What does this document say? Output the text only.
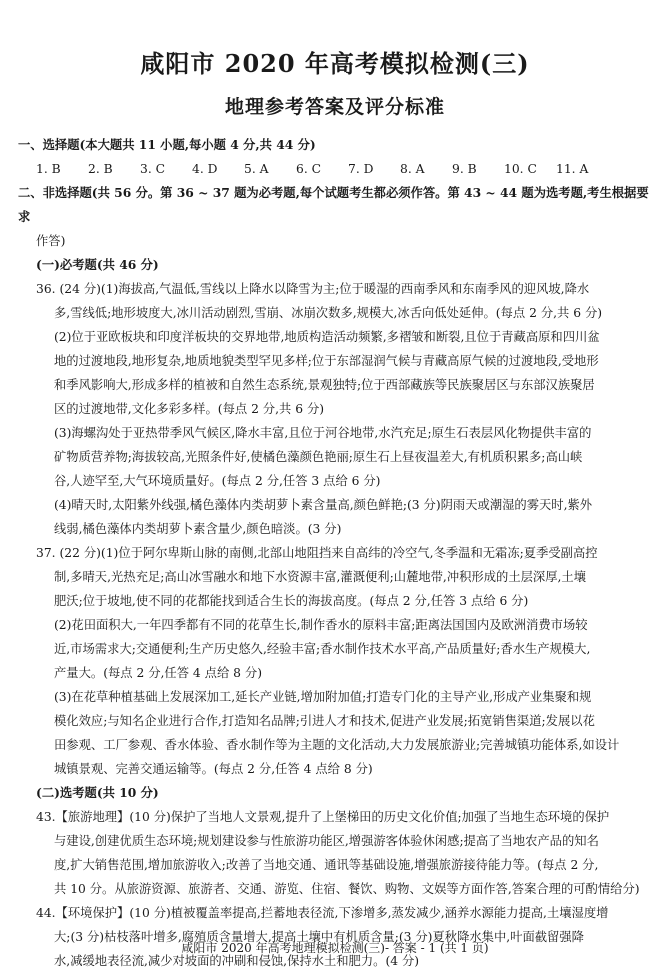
咸阳市 2020 年高考模拟检测(三)
地理参考答案及评分标准

一、选择题(本大题共 11 小题,每小题 4 分,共 44 分)

1. B	2. B	3. C	4. D	5. A	6. C	7. D	8. A	9. B	10. C	11. A

二、非选择题(共 56 分。第 36 ~ 37 题为必考题,每个试题考生都必须作答。第 43 ~ 44 题为选考题,考生根据要求

作答)

(一)必考题(共 46 分)

36. (24 分)(1)海拔高,气温低,雪线以上降水以降雪为主;位于暖湿的西南季风和东南季风的迎风坡,降水

多,雪线低;地形坡度大,冰川活动剧烈,雪崩、冰崩次数多,规模大,冰舌向低处延伸。(每点 2 分,共 6 分)

(2)位于亚欧板块和印度洋板块的交界地带,地质构造活动频繁,多褶皱和断裂,且位于青藏高原和四川盆

地的过渡地段,地形复杂,地质地貌类型罕见多样;位于东部湿润气候与青藏高原气候的过渡地段,受地形

和季风影响大,形成多样的植被和自然生态系统,景观独特;位于西部藏族等民族聚居区与东部汉族聚居

区的过渡地带,文化多彩多样。(每点 2 分,共 6 分)

(3)海螺沟处于亚热带季风气候区,降水丰富,且位于河谷地带,水汽充足;原生石表层风化物提供丰富的

矿物质营养物;海拔较高,光照条件好,使橘色藻颜色艳丽;原生石上昼夜温差大,有机质积累多;高山峡

谷,人迹罕至,大气环境质量好。(每点 2 分,任答 3 点给 6 分)

(4)晴天时,太阳紫外线强,橘色藻体内类胡萝卜素含量高,颜色鲜艳;(3 分)阴雨天或潮湿的雾天时,紫外

线弱,橘色藻体内类胡萝卜素含量少,颜色暗淡。(3 分)

37. (22 分)(1)位于阿尔卑斯山脉的南侧,北部山地阻挡来自高纬的冷空气,冬季温和无霜冻;夏季受副高控

制,多晴天,光热充足;高山冰雪融水和地下水资源丰富,灌溉便利;山麓地带,冲积形成的土层深厚,土壤

肥沃;位于坡地,使不同的花都能找到适合生长的海拔高度。(每点 2 分,任答 3 点给 6 分)

(2)花田面积大,一年四季都有不同的花草生长,制作香水的原料丰富;距离法国国内及欧洲消费市场较

近,市场需求大;交通便利;生产历史悠久,经验丰富;香水制作技术水平高,产品质量好;香水生产规模大,

产量大。(每点 2 分,任答 4 点给 8 分)

(3)在花草种植基础上发展深加工,延长产业链,增加附加值;打造专门化的主导产业,形成产业集聚和规

模化效应;与知名企业进行合作,打造知名品牌;引进人才和技术,促进产业发展;拓宽销售渠道;发展以花

田参观、工厂参观、香水体验、香水制作等为主题的文化活动,大力发展旅游业;完善城镇功能体系,如设计

城镇景观、完善交通运输等。(每点 2 分,任答 4 点给 8 分)

(二)选考题(共 10 分)

43.【旅游地理】(10 分)保护了当地人文景观,提升了上堡梯田的历史文化价值;加强了当地生态环境的保护

与建设,创建优质生态环境;规划建设参与性旅游功能区,增强游客体验休闲感;提高了当地农产品的知名

度,扩大销售范围,增加旅游收入;改善了当地交通、通讯等基础设施,增强旅游接待能力等。(每点 2 分,

共 10 分。从旅游资源、旅游者、交通、游览、住宿、餐饮、购物、文娱等方面作答,答案合理的可酌情给分)

44.【环境保护】(10 分)植被覆盖率提高,拦蓄地表径流,下渗增多,蒸发减少,涵养水源能力提高,土壤湿度增

大;(3 分)枯枝落叶增多,腐殖质含量增大,提高土壤中有机质含量;(3 分)夏秋降水集中,叶面截留强降

水,减缓地表径流,减少对坡面的冲刷和侵蚀,保持水土和肥力。(4 分)

咸阳市 2020 年高考地理模拟检测(三)- 答案 - 1 (共 1 页)
